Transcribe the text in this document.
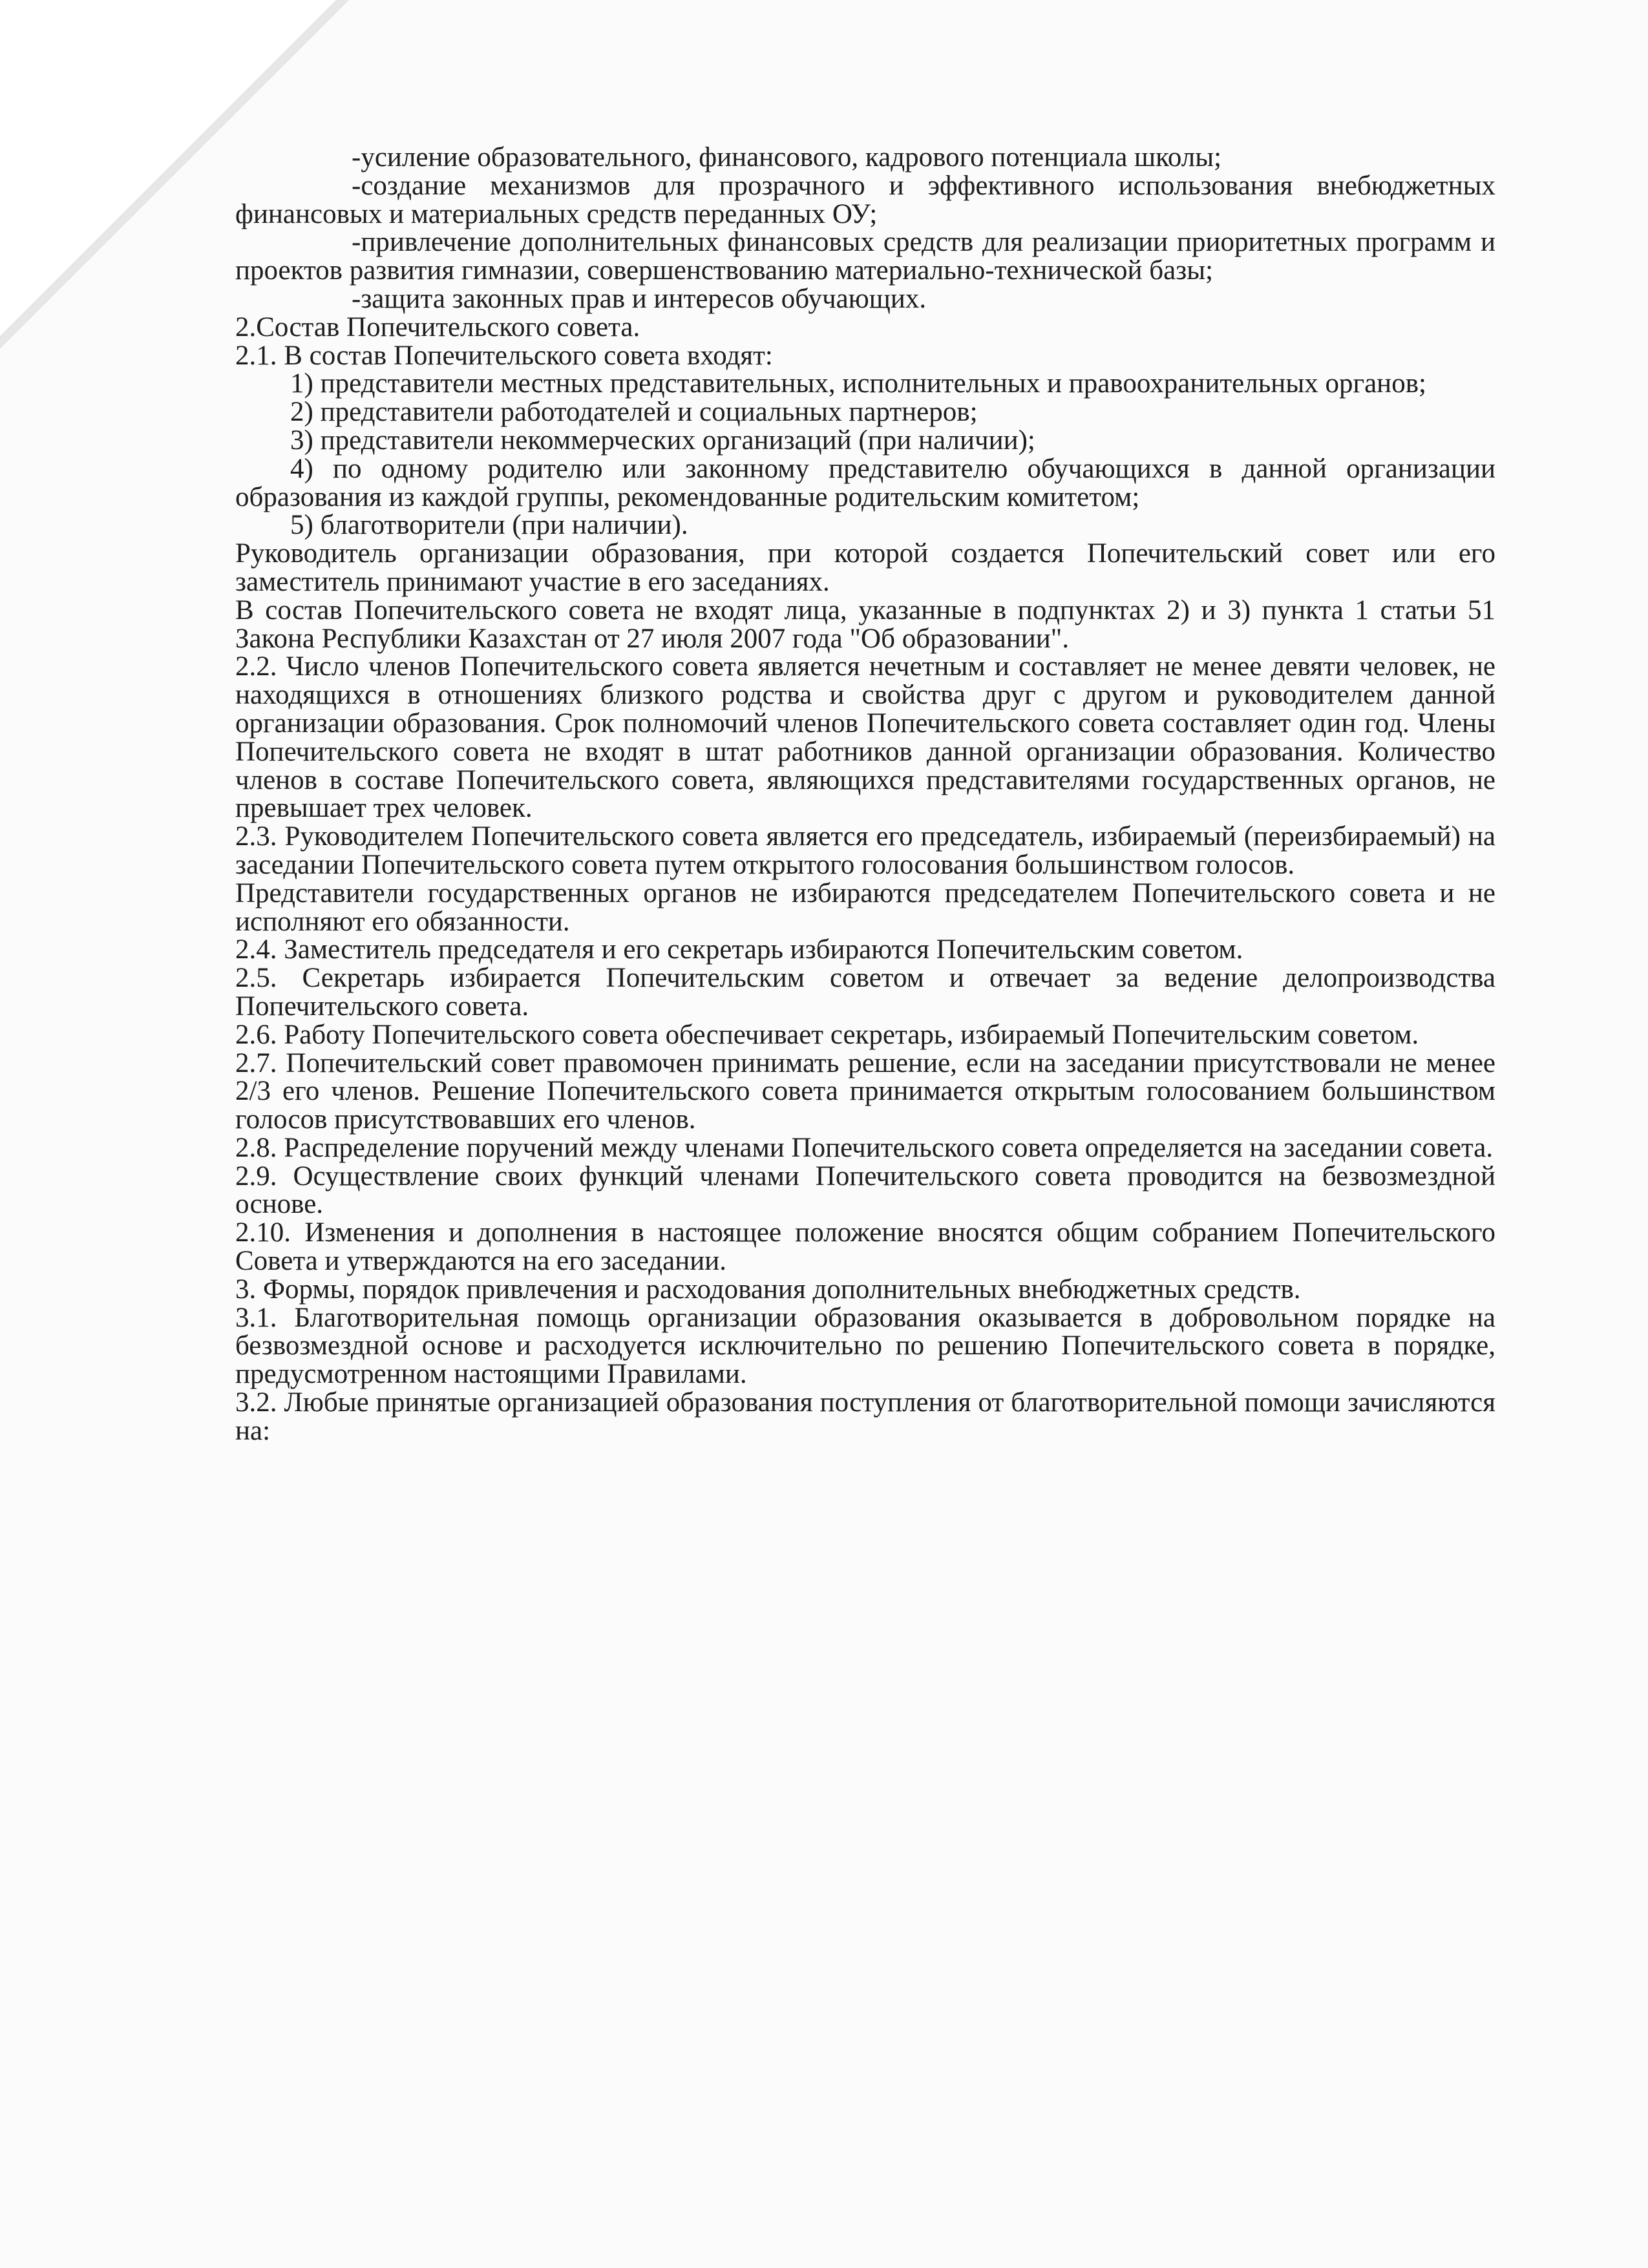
-усиление образовательного, финансового, кадрового потенциала школы;

-создание механизмов для прозрачного и эффективного использования внебюджетных финансовых и материальных средств переданных ОУ;

-привлечение дополнительных финансовых средств для реализации приоритетных программ и проектов развития гимназии, совершенствованию материально-технической базы;

-защита законных прав и интересов обучающих.

2.Состав Попечительского совета.

2.1. В состав Попечительского совета входят:

1) представители местных представительных, исполнительных и правоохранительных органов;

2) представители работодателей и социальных партнеров;

3) представители некоммерческих организаций (при наличии);

4) по одному родителю или законному представителю обучающихся в данной организации образования из каждой группы, рекомендованные родительским комитетом;

5) благотворители (при наличии).

Руководитель организации образования, при которой создается Попечительский совет или его заместитель принимают участие в его заседаниях.

В состав Попечительского совета не входят лица, указанные в подпунктах 2) и 3) пункта 1 статьи 51 Закона Республики Казахстан от 27 июля 2007 года "Об образовании".

2.2. Число членов Попечительского совета является нечетным и составляет не менее девяти человек, не находящихся в отношениях близкого родства и свойства друг с другом и руководителем данной организации образования. Срок полномочий членов Попечительского совета составляет один год. Члены Попечительского совета не входят в штат работников данной организации образования. Количество членов в составе Попечительского совета, являющихся представителями государственных органов, не превышает трех человек.

2.3. Руководителем Попечительского совета является его председатель, избираемый (переизбираемый) на заседании Попечительского совета путем открытого голосования большинством голосов.

Представители государственных органов не избираются председателем Попечительского совета и не исполняют его обязанности.

2.4. Заместитель председателя и его секретарь избираются Попечительским советом.

2.5. Секретарь избирается Попечительским советом и отвечает за ведение делопроизводства Попечительского совета.

2.6. Работу Попечительского совета обеспечивает секретарь, избираемый Попечительским советом.

2.7. Попечительский совет правомочен принимать решение, если на заседании присутствовали не менее 2/3 его членов. Решение Попечительского совета принимается открытым голосованием большинством голосов присутствовавших его членов.

2.8. Распределение поручений между членами Попечительского совета определяется на заседании совета.

2.9. Осуществление своих функций членами Попечительского совета проводится на безвозмездной основе.

2.10. Изменения и дополнения в настоящее положение вносятся общим собранием Попечительского Совета и утверждаются на его заседании.

3. Формы, порядок привлечения и расходования дополнительных внебюджетных средств.

3.1. Благотворительная помощь организации образования оказывается в добровольном порядке на безвозмездной основе и расходуется исключительно по решению Попечительского совета в порядке, предусмотренном настоящими Правилами.

3.2. Любые принятые организацией образования поступления от благотворительной помощи зачисляются на:
